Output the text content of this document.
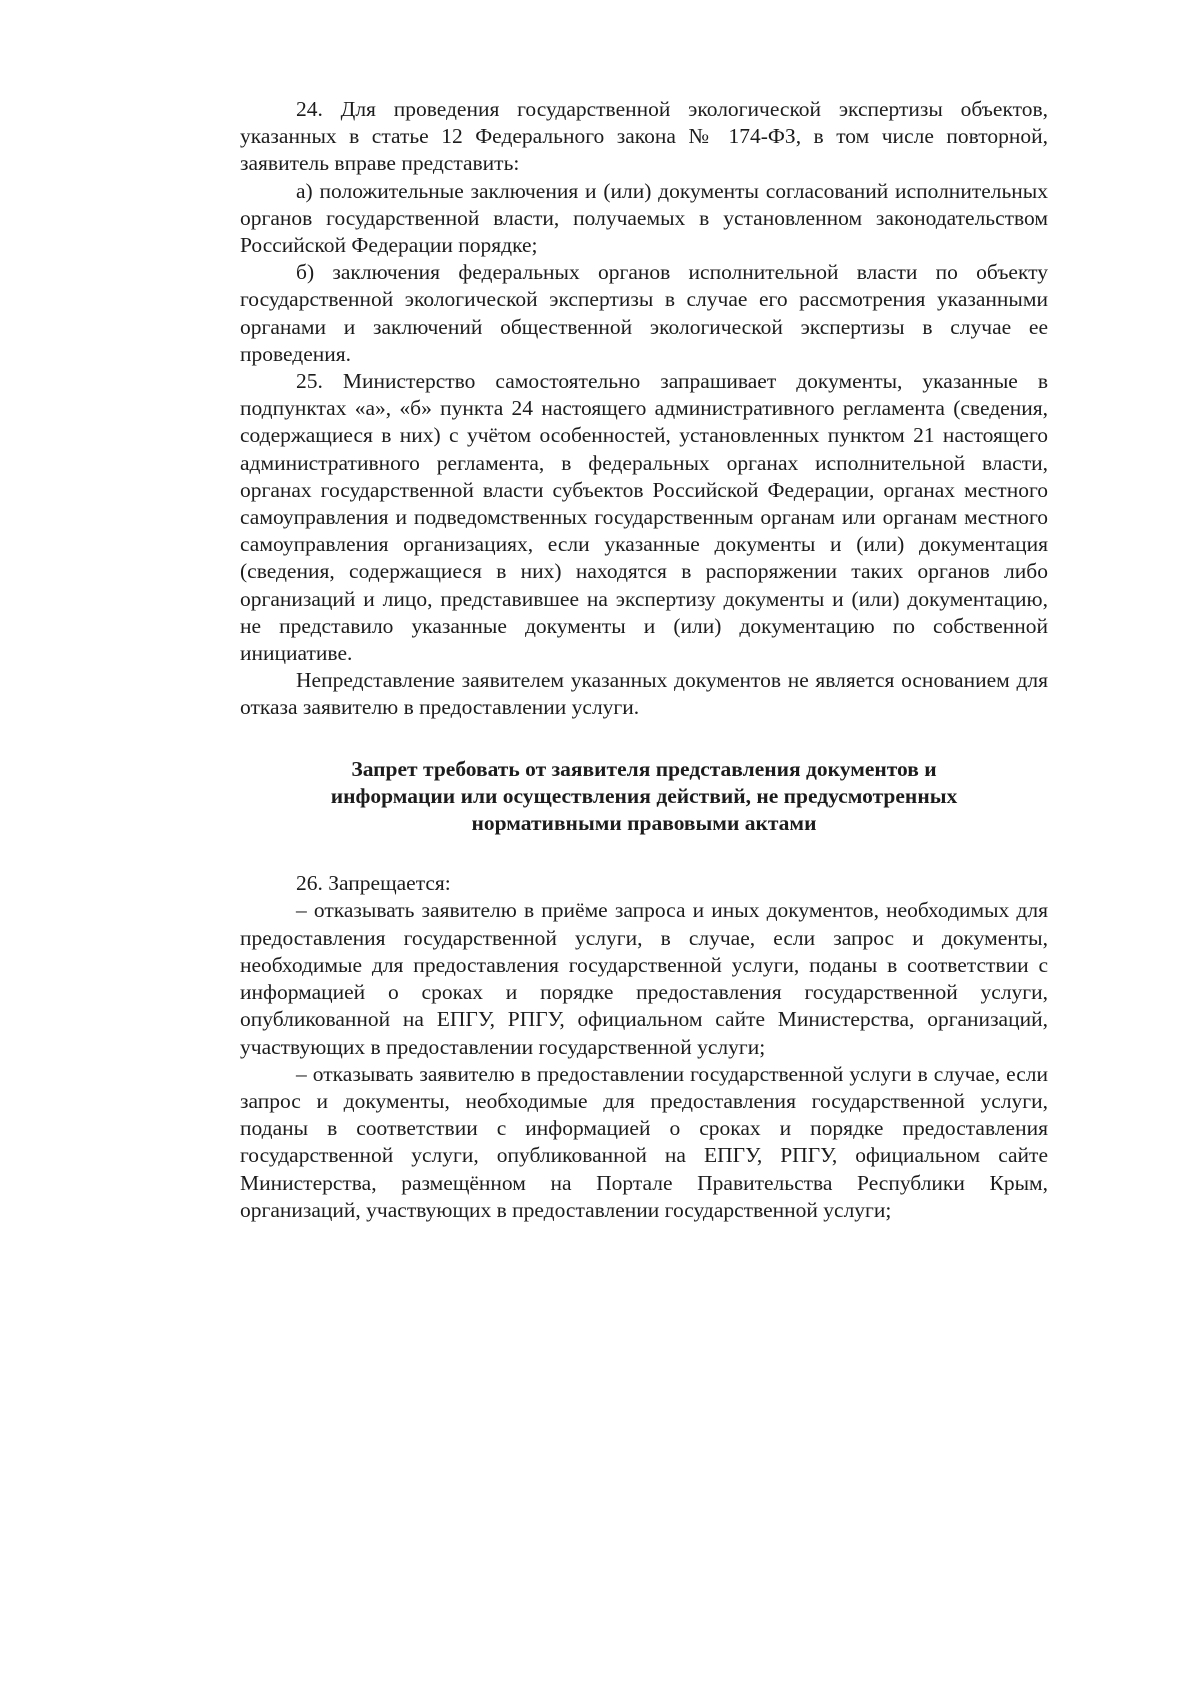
24. Для проведения государственной экологической экспертизы объектов, указанных в статье 12 Федерального закона № 174-ФЗ, в том числе повторной, заявитель вправе представить:

а) положительные заключения и (или) документы согласований исполнительных органов государственной власти, получаемых в установленном законодательством Российской Федерации порядке;

б) заключения федеральных органов исполнительной власти по объекту государственной экологической экспертизы в случае его рассмотрения указанными органами и заключений общественной экологической экспертизы в случае ее проведения.

25. Министерство самостоятельно запрашивает документы, указанные в подпунктах «а», «б» пункта 24 настоящего административного регламента (сведения, содержащиеся в них) с учётом особенностей, установленных пунктом 21 настоящего административного регламента, в федеральных органах исполнительной власти, органах государственной власти субъектов Российской Федерации, органах местного самоуправления и подведомственных государственным органам или органам местного самоуправления организациях, если указанные документы и (или) документация (сведения, содержащиеся в них) находятся в распоряжении таких органов либо организаций и лицо, представившее на экспертизу документы и (или) документацию, не представило указанные документы и (или) документацию по собственной инициативе.

Непредставление заявителем указанных документов не является основанием для отказа заявителю в предоставлении услуги.

Запрет требовать от заявителя представления документов и
информации или осуществления действий, не предусмотренных
нормативными правовыми актами

26. Запрещается:

– отказывать заявителю в приёме запроса и иных документов, необходимых для предоставления государственной услуги, в случае, если запрос и документы, необходимые для предоставления государственной услуги, поданы в соответствии с информацией о сроках и порядке предоставления государственной услуги, опубликованной на ЕПГУ, РПГУ, официальном сайте Министерства, организаций, участвующих в предоставлении государственной услуги;

– отказывать заявителю в предоставлении государственной услуги в случае, если запрос и документы, необходимые для предоставления государственной услуги, поданы в соответствии с информацией о сроках и порядке предоставления государственной услуги, опубликованной на ЕПГУ, РПГУ, официальном сайте Министерства, размещённом на Портале Правительства Республики Крым, организаций, участвующих в предоставлении государственной услуги;
